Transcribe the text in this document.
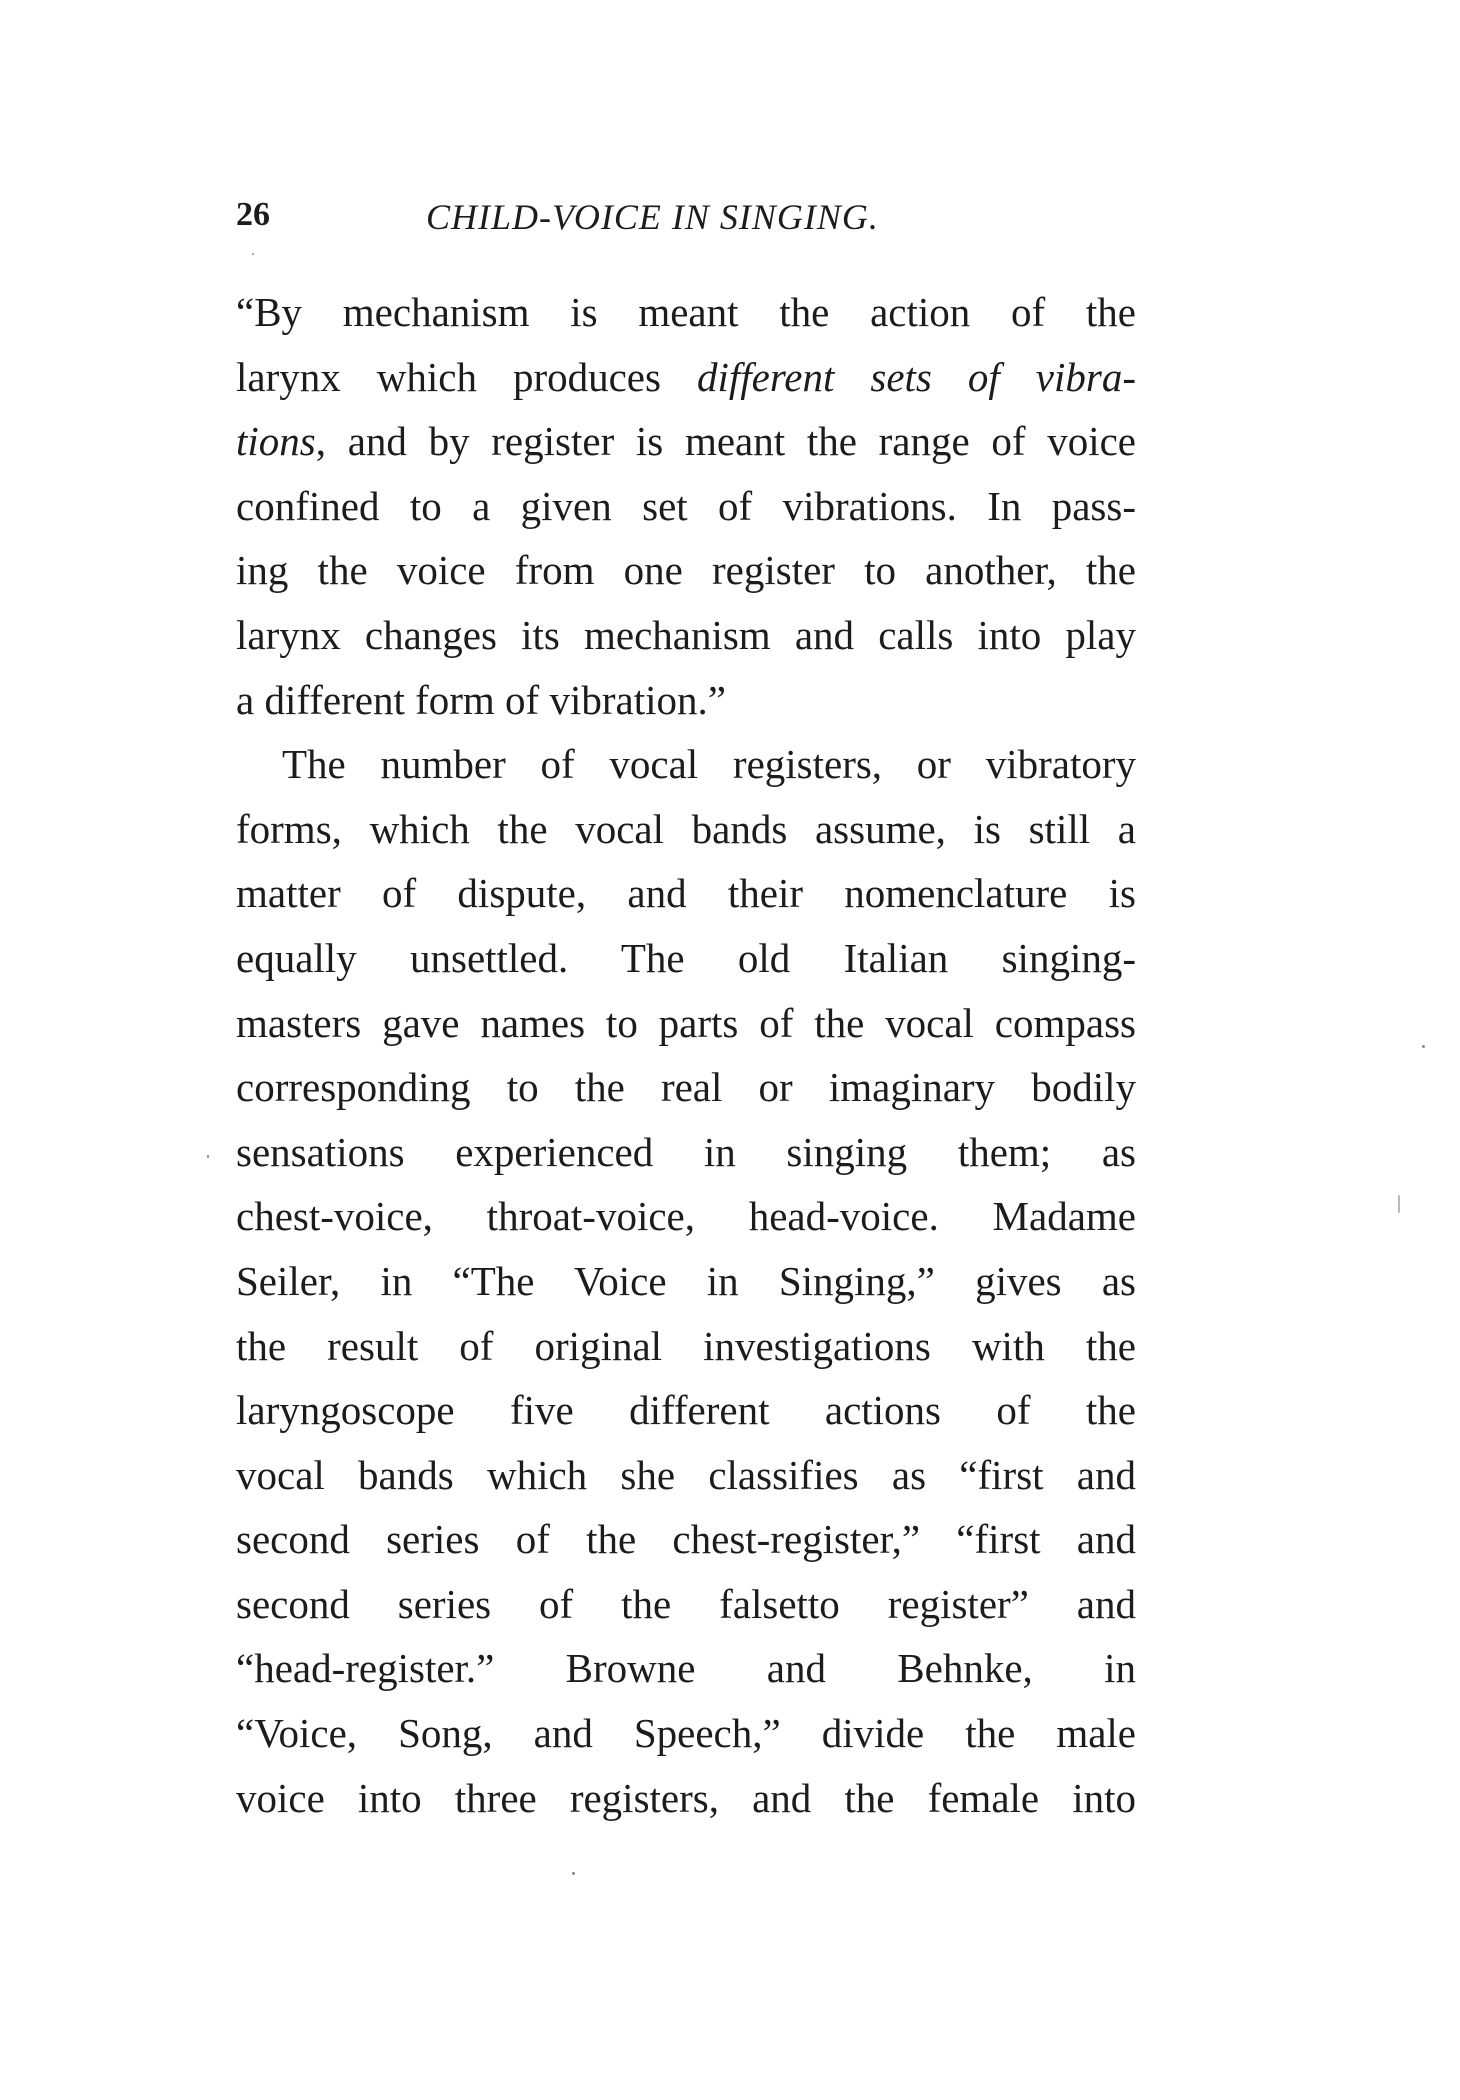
26	CHILD-VOICE IN SINGING.
“By mechanism is meant the action of the
larynx which produces different sets of vibra-
tions, and by register is meant the range of voice
confined to a given set of vibrations. In pass-
ing the voice from one register to another, the
larynx changes its mechanism and calls into play
a different form of vibration.”
The number of vocal registers, or vibratory
forms, which the vocal bands assume, is still a
matter of dispute, and their nomenclature is
equally unsettled. The old Italian singing-
masters gave names to parts of the vocal compass
corresponding to the real or imaginary bodily
sensations experienced in singing them; as
chest-voice, throat-voice, head-voice. Madame
Seiler, in “The Voice in Singing,” gives as
the result of original investigations with the
laryngoscope five different actions of the
vocal bands which she classifies as “first and
second series of the chest-register,” “first and
second series of the falsetto register” and
“head-register.” Browne and Behnke, in
“Voice, Song, and Speech,” divide the male
voice into three registers, and the female into
